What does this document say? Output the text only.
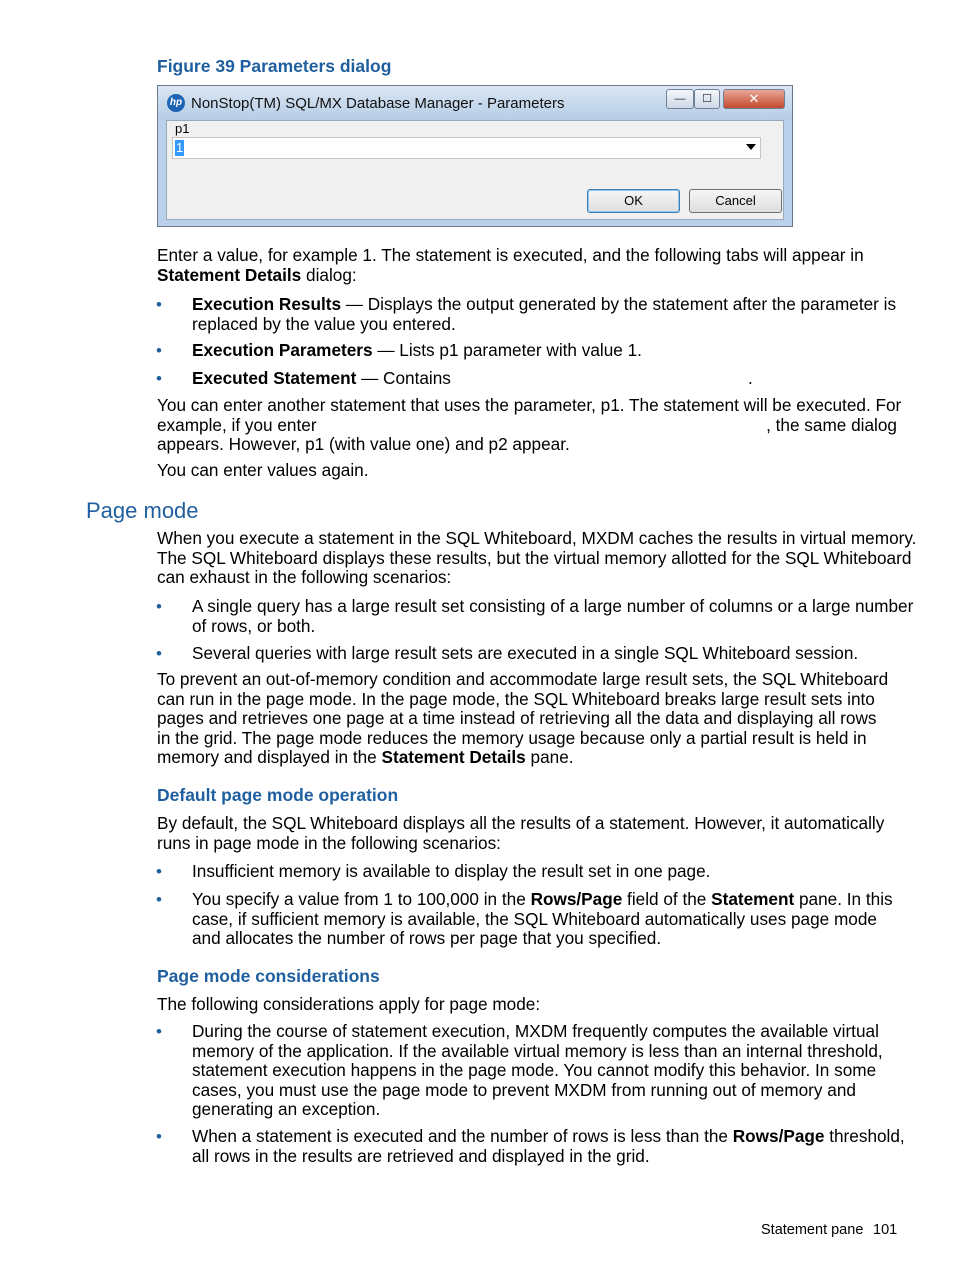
Figure 39 Parameters dialog
hp NonStop(TM) SQL/MX Database Manager - Parameters	—	☐	✕
p1
1
OK	Cancel
Enter a value, for example 1. The statement is executed, and the following tabs will appear in
Statement Details dialog:
• Execution Results — Displays the output generated by the statement after the parameter is
replaced by the value you entered.
• Execution Parameters — Lists p1 parameter with value 1.
• Executed Statement — Contains	.
You can enter another statement that uses the parameter, p1. The statement will be executed. For
example, if you enter	, the same dialog
appears. However, p1 (with value one) and p2 appear.
You can enter values again.
Page mode
When you execute a statement in the SQL Whiteboard, MXDM caches the results in virtual memory.
The SQL Whiteboard displays these results, but the virtual memory allotted for the SQL Whiteboard
can exhaust in the following scenarios:
• A single query has a large result set consisting of a large number of columns or a large number
of rows, or both.
• Several queries with large result sets are executed in a single SQL Whiteboard session.
To prevent an out-of-memory condition and accommodate large result sets, the SQL Whiteboard
can run in the page mode. In the page mode, the SQL Whiteboard breaks large result sets into
pages and retrieves one page at a time instead of retrieving all the data and displaying all rows
in the grid. The page mode reduces the memory usage because only a partial result is held in
memory and displayed in the Statement Details pane.
Default page mode operation
By default, the SQL Whiteboard displays all the results of a statement. However, it automatically
runs in page mode in the following scenarios:
• Insufficient memory is available to display the result set in one page.
• You specify a value from 1 to 100,000 in the Rows/Page field of the Statement pane. In this
case, if sufficient memory is available, the SQL Whiteboard automatically uses page mode
and allocates the number of rows per page that you specified.
Page mode considerations
The following considerations apply for page mode:
• During the course of statement execution, MXDM frequently computes the available virtual
memory of the application. If the available virtual memory is less than an internal threshold,
statement execution happens in the page mode. You cannot modify this behavior. In some
cases, you must use the page mode to prevent MXDM from running out of memory and
generating an exception.
• When a statement is executed and the number of rows is less than the Rows/Page threshold,
all rows in the results are retrieved and displayed in the grid.
Statement pane 101
